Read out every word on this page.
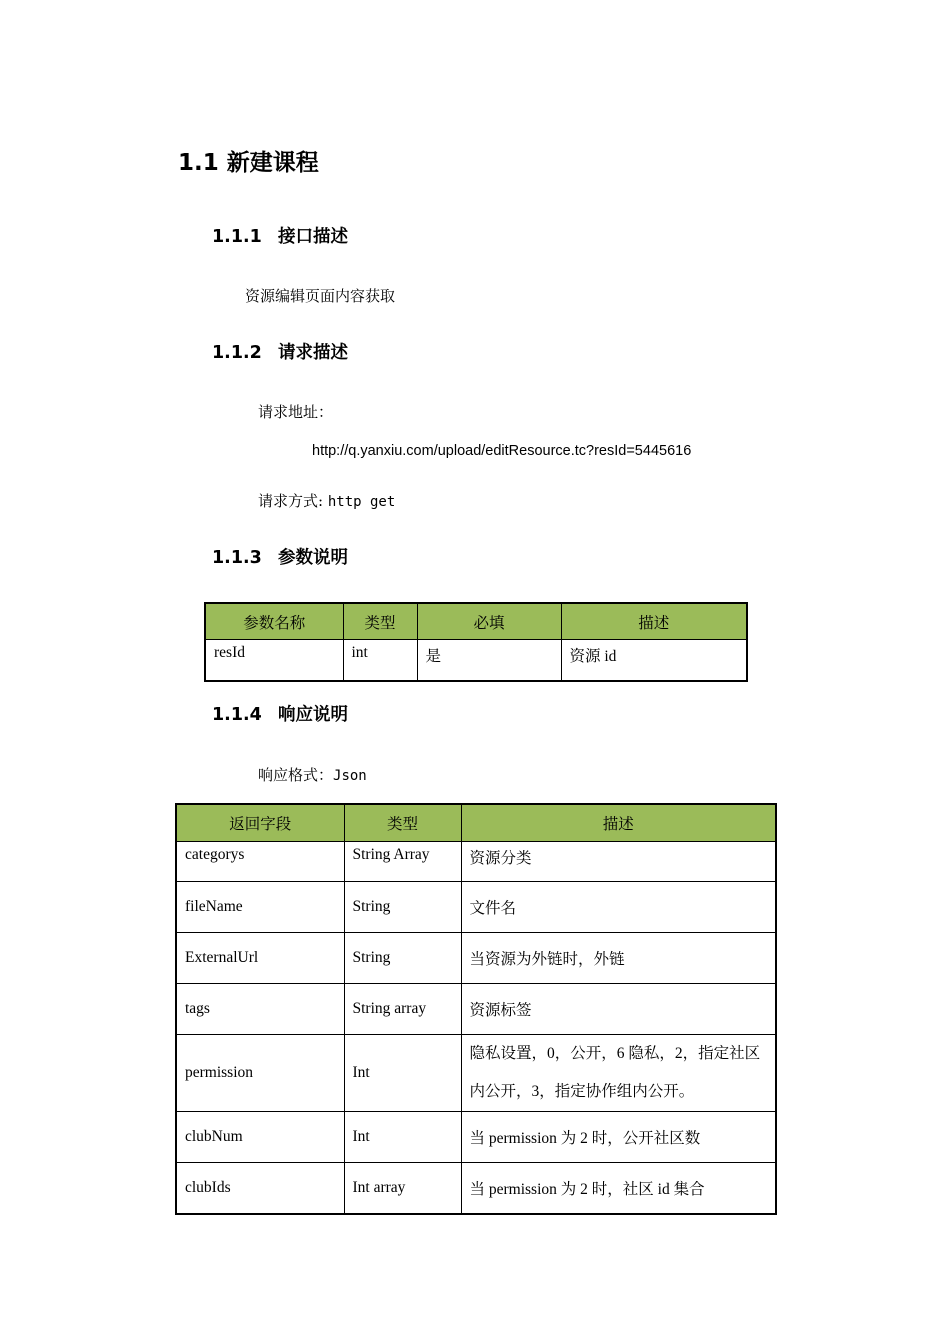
1.1 新建课程
1.1.1 接口描述
资源编辑页面内容获取
1.1.2 请求描述
请求地址：
http://q.yanxiu.com/upload/editResource.tc?resId=5445616
请求方式: http get
1.1.3 参数说明
参数名称	类型	必填	描述
resId	int	是	资源 id
1.1.4 响应说明
响应格式：Json
返回字段	类型	描述
categorys	String Array	资源分类
fileName	String	文件名
ExternalUrl	String	当资源为外链时，外链
tags	String array	资源标签
permission	Int	隐私设置，0，公开，6 隐私，2，指定社区内公开，3，指定协作组内公开。
clubNum	Int	当 permission 为 2 时，公开社区数
clubIds	Int array	当 permission 为 2 时，社区 id 集合
